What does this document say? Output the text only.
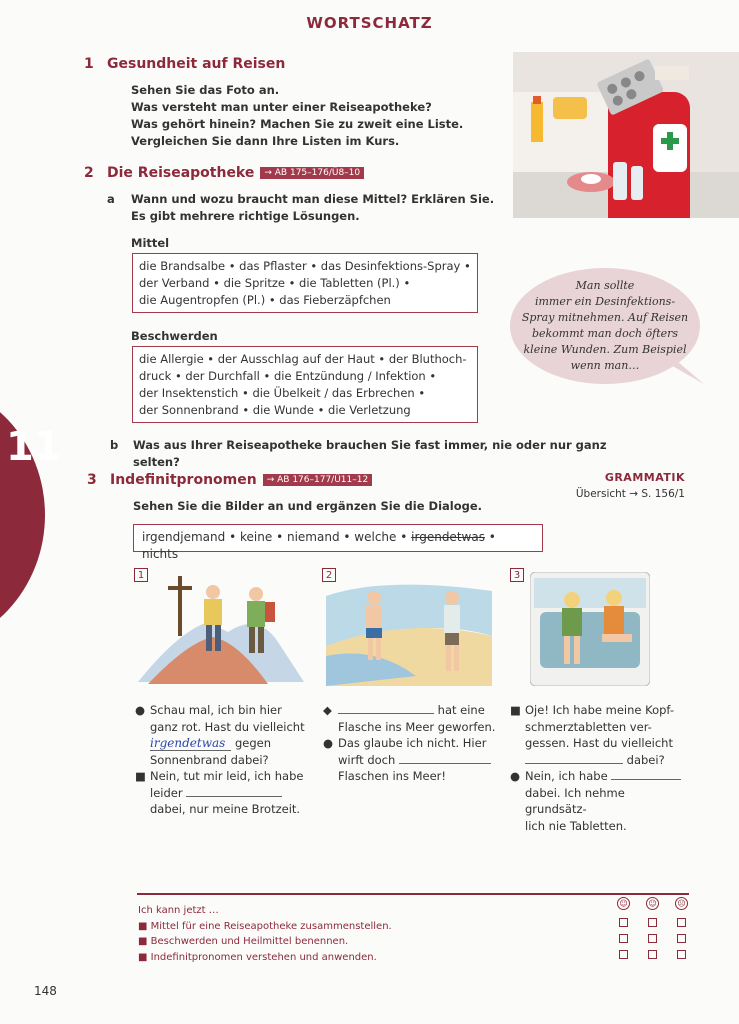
11
WORTSCHATZ
1 Gesundheit auf Reisen
Sehen Sie das Foto an.
Was versteht man unter einer Reiseapotheke?
Was gehört hinein? Machen Sie zu zweit eine Liste.
Vergleichen Sie dann Ihre Listen im Kurs.
2 Die Reiseapotheke → AB 175–176/Ü8–10
a Wann und wozu braucht man diese Mittel? Erklären Sie.
Es gibt mehrere richtige Lösungen.
Mittel
die Brandsalbe • das Pflaster • das Desinfektions-Spray •
der Verband • die Spritze • die Tabletten (Pl.) •
die Augentropfen (Pl.) • das Fieberzäpfchen
Beschwerden
die Allergie • der Ausschlag auf der Haut • der Bluthoch-
druck • der Durchfall • die Entzündung / Infektion •
der Insektenstich • die Übelkeit / das Erbrechen •
der Sonnenbrand • die Wunde • die Verletzung
b Was aus Ihrer Reiseapotheke brauchen Sie fast immer, nie oder nur ganz selten?
Man sollte
immer ein Desinfektions-
Spray mitnehmen. Auf Reisen
bekommt man doch öfters
kleine Wunden. Zum Beispiel
wenn man…
3 Indefinitpronomen → AB 176–177/Ü11–12	GRAMMATIK
Übersicht → S. 156/1
Sehen Sie die Bilder an und ergänzen Sie die Dialoge.
irgendjemand • keine • niemand • welche • irgendetwas • nichts
1	2	3
● Schau mal, ich bin hier
ganz rot. Hast du vielleicht
irgendetwas gegen
Sonnenbrand dabei?
■ Nein, tut mir leid, ich habe
leider
dabei, nur meine Brotzeit.
◆	hat eine
Flasche ins Meer geworfen.
● Das glaube ich nicht. Hier
wirft doch
Flaschen ins Meer!
■ Oje! Ich habe meine Kopf-
schmerztabletten ver-
gessen. Hast du vielleicht
dabei?
● Nein, ich habe
dabei. Ich nehme grundsätz-
lich nie Tabletten.
Ich kann jetzt …
■ Mittel für eine Reiseapotheke zusammenstellen.
■ Beschwerden und Heilmittel benennen.
■ Indefinitpronomen verstehen und anwenden.
☺	☺	☹
148
